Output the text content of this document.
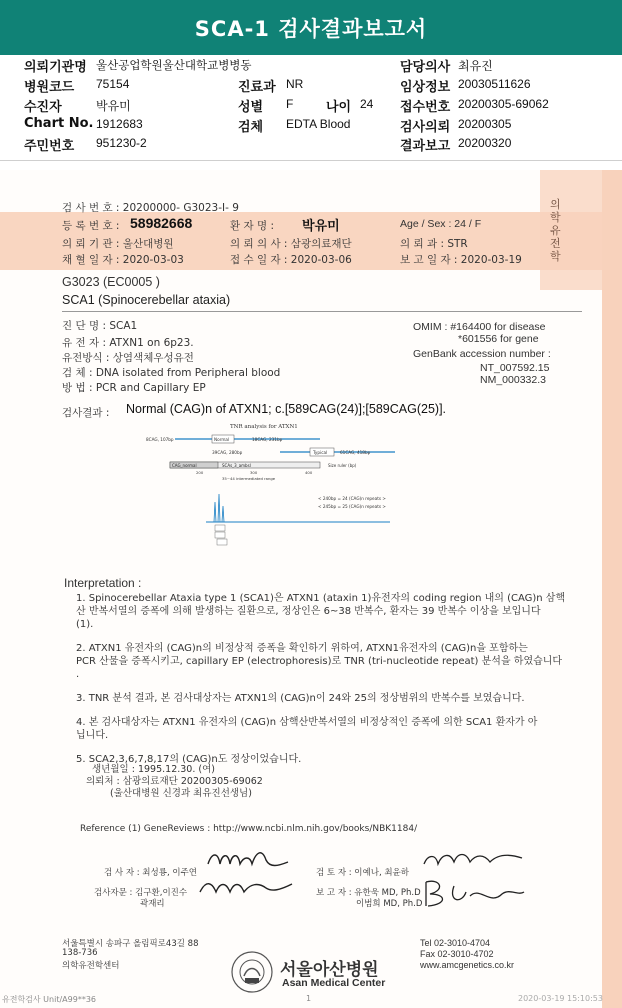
SCA-1 검사결과보고서
의뢰기관명 울산공업학원울산대학교병병동	담당의사 최유진
병원코드 75154	진료과 NR	임상정보 20030511626
수진자	박유미	성별 F	나이 24 접수번호 20200305-69062
Chart No. 1912683	검체 EDTA Blood	검사의뢰 20200305
주민번호 951230-2	결과보고 20200320
의학유전학
검 사 번 호 : 20200000- G3023-I- 9
등 록 번 호 : 58982668	환 자 명 : 박유미	Age / Sex : 24 / F
의 뢰 기 관 : 울산대병원	의 뢰 의 사 : 삼광의료재단	의 뢰 과 : STR
채 혈 일 자 : 2020-03-03	접 수 일 자 : 2020-03-06	보 고 일 자 : 2020-03-19
G3023 (EC0005 )
SCA1 (Spinocerebellar ataxia)
진 단 명 : SCA1
유 전 자 : ATXN1 on 6p23.
유전방식 : 상염색체우성유전
검 체 : DNA isolated from Peripheral blood
방 법 : PCR and Capillary EP
OMIM : #164400 for disease
*601556 for gene
GenBank accession number :
NT_007592.15
NM_000332.3
검사결과 : Normal (CAG)n of ATXN1; c.[589CAG(24)];[589CAG(25)].
TNR analysis for ATXN1
8CAG, 107bp	Normal	18CAG, 231bp
39CAG, 280bp	Typical	61CAG, 418bp
CAG_normal	SCAs_3_ambsl	Size ruler (bp)
200	300	400
35~44 intermediated range
< 240bp = 24 (CAG)n repeats >
< 245bp = 25 (CAG)n repeats >
Interpretation :
1. Spinocerebellar Ataxia type 1 (SCA1)은 ATXN1 (ataxin 1)유전자의 coding region 내의 (CAG)n 삼핵
산 반복서열의 증폭에 의해 발생하는 질환으로, 정상인은 6~38 반복수, 환자는 39 반복수 이상을 보입니다
(1).
2. ATXN1 유전자의 (CAG)n의 비정상적 증폭을 확인하기 위하여, ATXN1유전자의 (CAG)n을 포함하는
PCR 산물을 증폭시키고, capillary EP (electrophoresis)로 TNR (tri-nucleotide repeat) 분석을 하였습니다
.
3. TNR 분석 결과, 본 검사대상자는 ATXN1의 (CAG)n이 24와 25의 정상범위의 반복수를 보였습니다.
4. 본 검사대상자는 ATXN1 유전자의 (CAG)n 삼핵산반복서열의 비정상적인 증폭에 의한 SCA1 환자가 아
닙니다.
5. SCA2,3,6,7,8,17의 (CAG)n도 정상이었습니다.
생년월일 : 1995.12.30. (여)
의뢰처 : 삼광의료재단 20200305-69062
(울산대병원 신경과 최유진선생님)
Reference (1) GeneReviews : http://www.ncbi.nlm.nih.gov/books/NBK1184/
검 사 자 : 최성룡, 이주연
검사자문 : 김구환,이진수
곽재리
검 토 자 : 이예나, 최윤하
보 고 자 : 유한욱 MD, Ph.D
이범희 MD, Ph.D
서울특별시 송파구 올림픽로43길 88
138-736
의학유전학센터	서울아산병원
Asan Medical Center
Tel 02-3010-4704
Fax 02-3010-4702
www.amcgenetics.co.kr
유전학검사 Unit/A99**36	1	2020-03-19 15:10:53
